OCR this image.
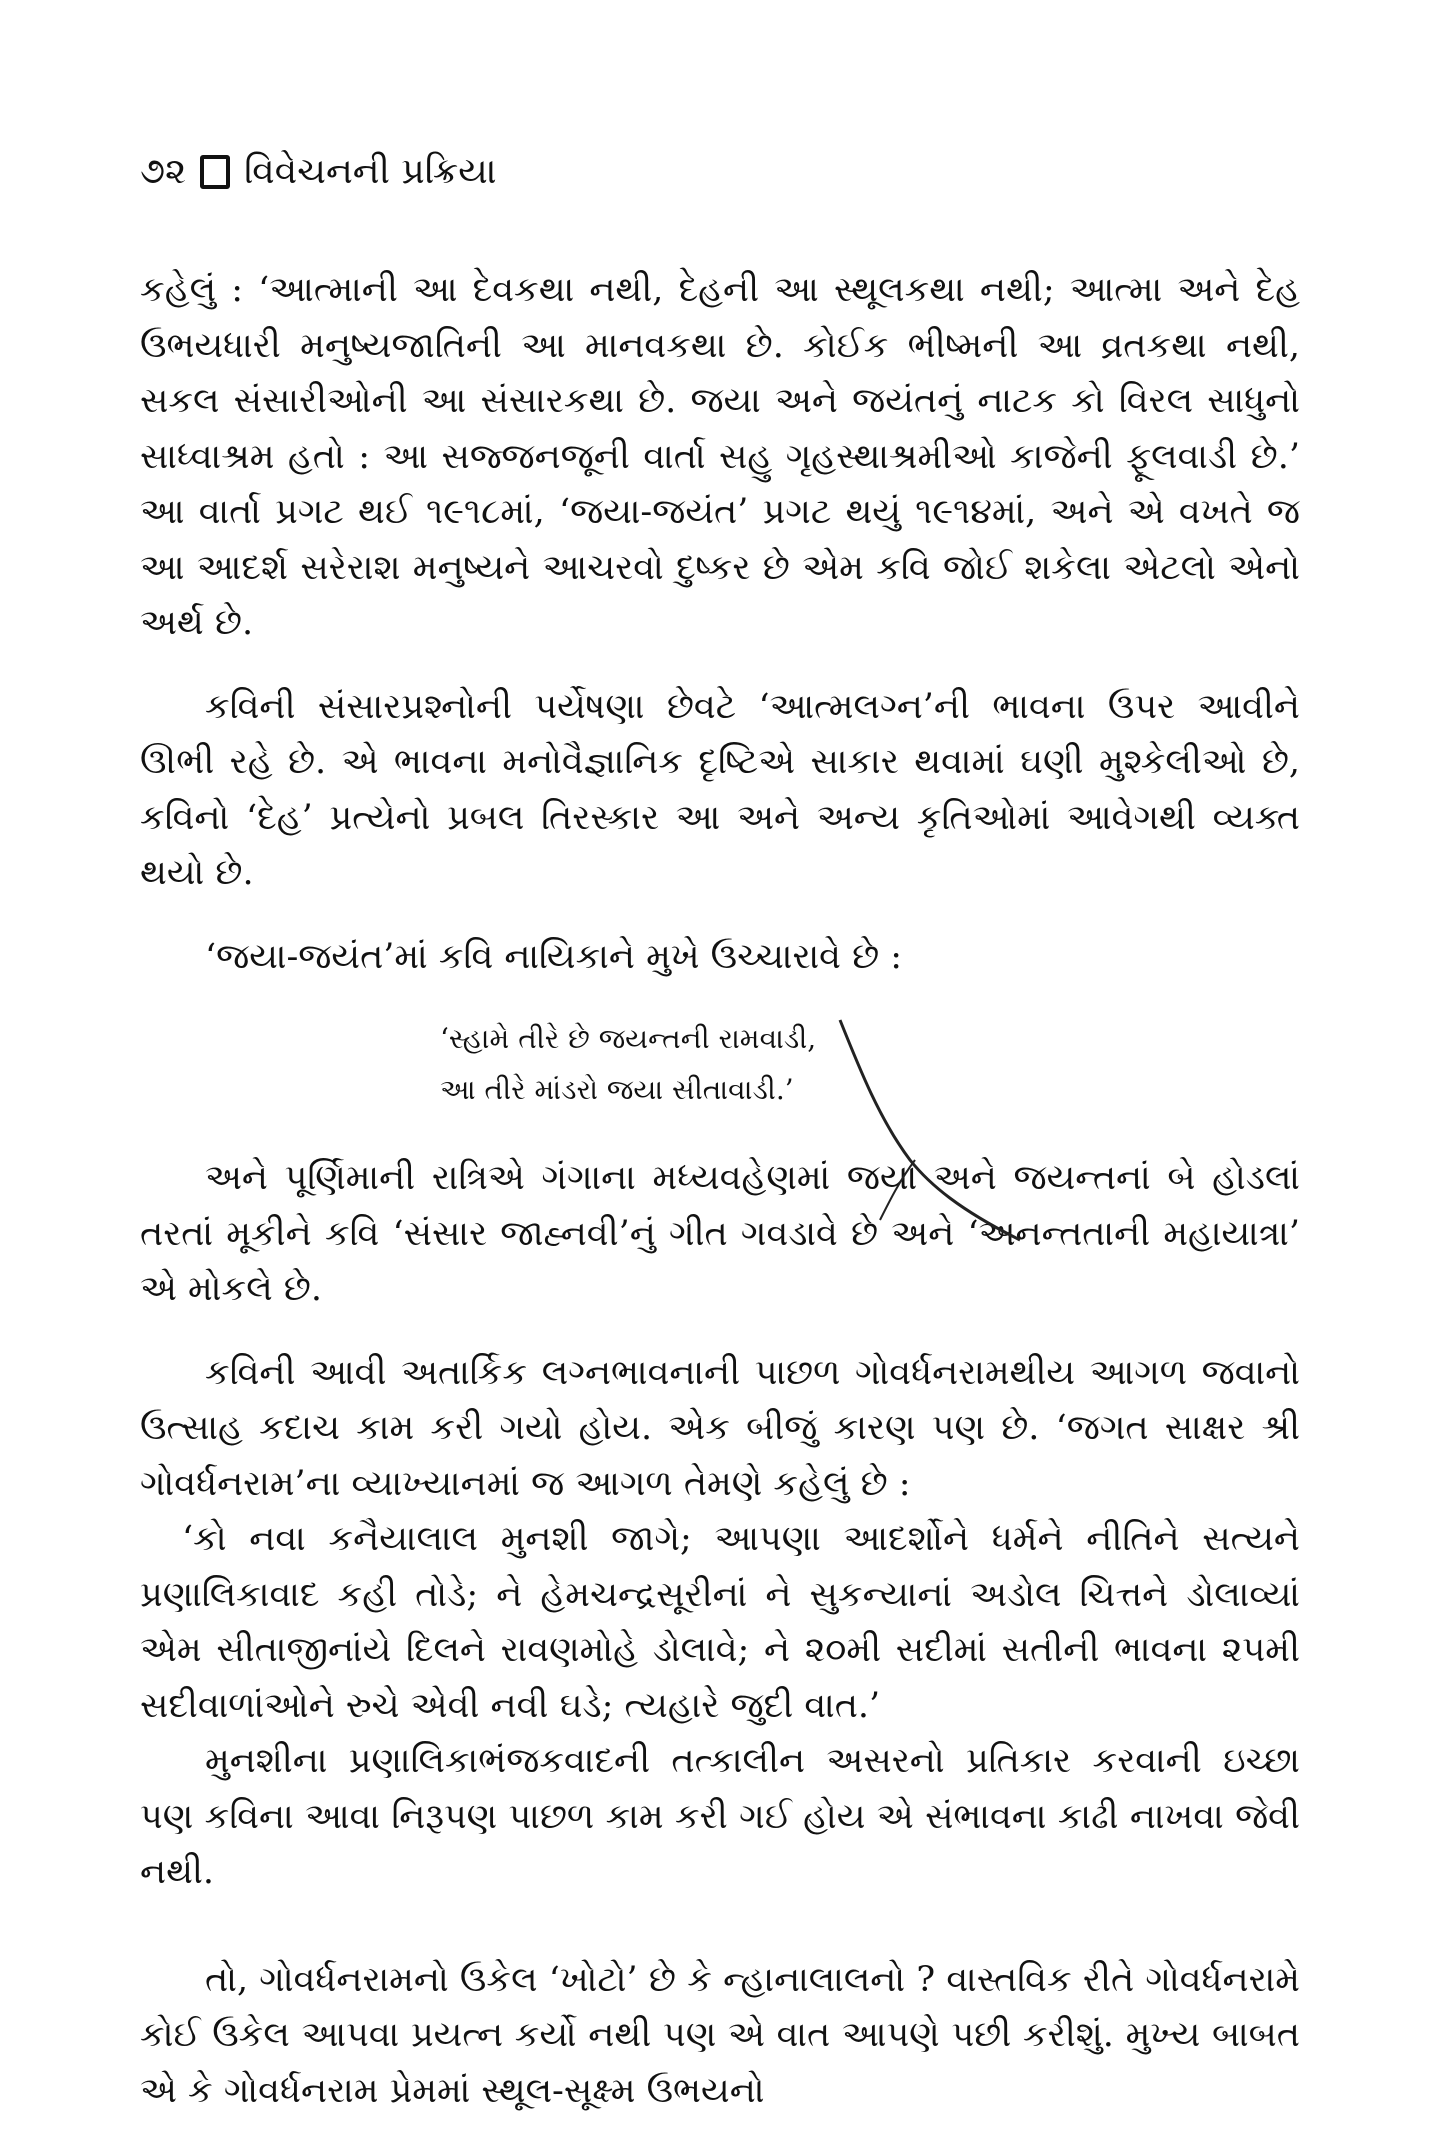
૭૨ વિવેચનની પ્રક્રિયા

કહેલું : ‘આત્માની આ દેવકથા નથી, દેહની આ સ્થૂલકથા નથી; આત્મા અને દેહ ઉભયધારી મનુષ્યજાતિની આ માનવકથા છે. કોઈક ભીષ્મની આ વ્રતકથા નથી, સકલ સંસારીઓની આ સંસારકથા છે. જયા અને જયંતનું નાટક કો વિરલ સાધુનો સાધ્વાશ્રમ હતો : આ સજ્જનજૂની વાર્તા સહુ ગૃહસ્થાશ્રમીઓ કાજેની ફૂલવાડી છે.’ આ વાર્તા પ્રગટ થઈ ૧૯૧૮માં, ‘જયા-જયંત’ પ્રગટ થયું ૧૯૧૪માં, અને એ વખતે જ આ આદર્શ સરેરાશ મનુષ્યને આચરવો દુષ્કર છે એમ કવિ જોઈ શકેલા એટલો એનો અર્થ છે.

કવિની સંસારપ્રશ્નોની પર્યેષણા છેવટે ‘આત્મલગ્ન’ની ભાવના ઉપર આવીને ઊભી રહે છે. એ ભાવના મનોવૈજ્ઞાનિક દૃષ્ટિએ સાકાર થવામાં ઘણી મુશ્કેલીઓ છે, કવિનો ‘દેહ’ પ્રત્યેનો પ્રબલ તિરસ્કાર આ અને અન્ય કૃતિઓમાં આવેગથી વ્યક્ત થયો છે.

‘જયા-જયંત’માં કવિ નાયિકાને મુખે ઉચ્ચારાવે છે :

‘સ્હામે તીરે છે જયન્તની રામવાડી,
આ તીરે માંડરો જયા સીતાવાડી.’

અને પૂર્ણિમાની રાત્રિએ ગંગાના મધ્યવહેણમાં જયા અને જયન્તનાં બે હોડલાં તરતાં મૂકીને કવિ ‘સંસાર જાહ્નવી’નું ગીત ગવડાવે છે અને ‘અનન્તતાની મહાયાત્રા’ એ મોકલે છે.

કવિની આવી અતાર્કિક લગ્નભાવનાની પાછળ ગોવર્ધનરામથીય આગળ જવાનો ઉત્સાહ કદાચ કામ કરી ગયો હોય. એક બીજું કારણ પણ છે. ‘જગત સાક્ષર શ્રી ગોવર્ધનરામ’ના વ્યાખ્યાનમાં જ આગળ તેમણે કહેલું છે :

‘કો નવા કનૈયાલાલ મુનશી જાગે; આપણા આદર્શોને ધર્મને નીતિને સત્યને પ્રણાલિકાવાદ કહી તોડે; ને હેમચન્દ્રસૂરીનાં ને સુકન્યાનાં અડોલ ચિત્તને ડોલાવ્યાં એમ સીતાજીનાંયે દિલને રાવણમોહે ડોલાવે; ને ૨૦મી સદીમાં સતીની ભાવના ૨૫મી સદીવાળાંઓને રુચે એવી નવી ઘડે; ત્યહારે જુદી વાત.’

મુનશીના પ્રણાલિકાભંજકવાદની તત્કાલીન અસરનો પ્રતિકાર કરવાની ઇચ્છા પણ કવિના આવા નિરૂપણ પાછળ કામ કરી ગઈ હોય એ સંભાવના કાઢી નાખવા જેવી નથી.

તો, ગોવર્ધનરામનો ઉકેલ ‘ખોટો’ છે કે ન્હાનાલાલનો ? વાસ્તવિક રીતે ગોવર્ધનરામે કોઈ ઉકેલ આપવા પ્રયત્ન કર્યો નથી પણ એ વાત આપણે પછી કરીશું. મુખ્ય બાબત એ કે ગોવર્ધનરામ પ્રેમમાં સ્થૂલ-સૂક્ષ્મ ઉભયનો
